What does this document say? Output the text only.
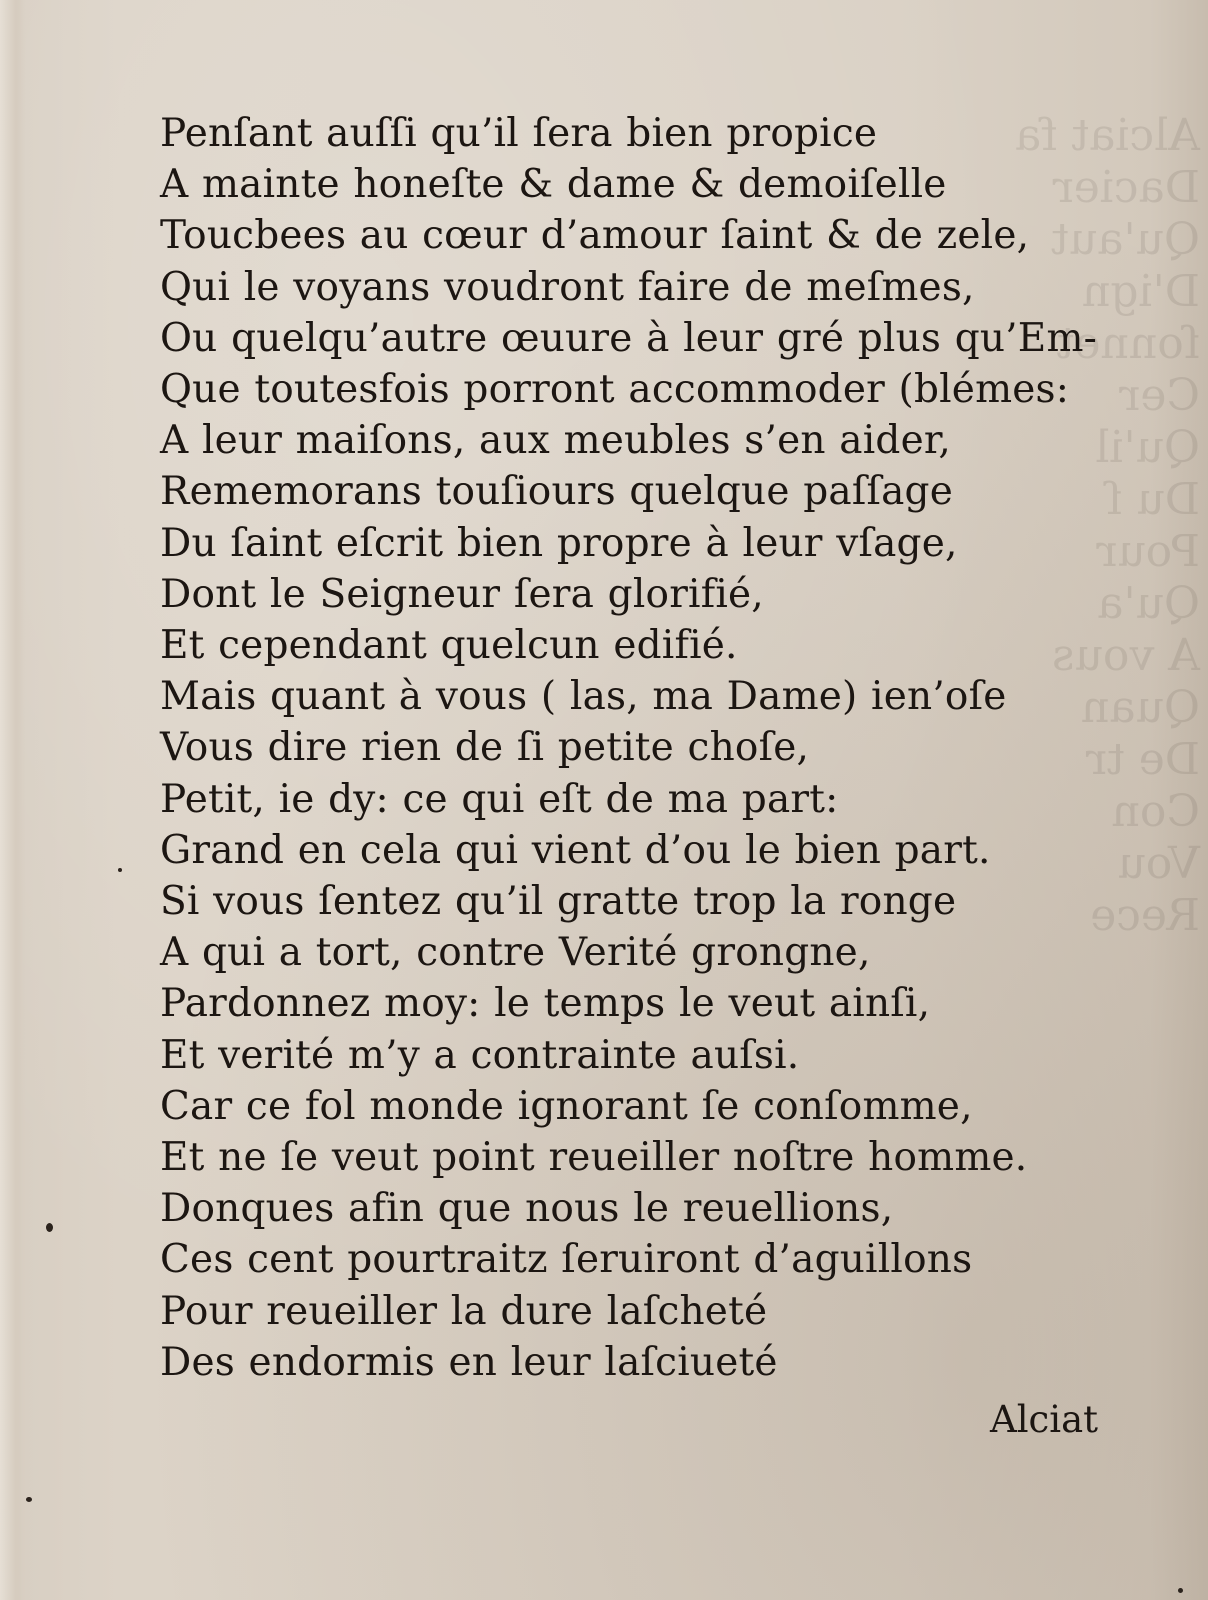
Alciat fa
Dacier
Qu'aut
D'ign
ſonnet
Cer
Qu'il
Du ſ
Pour
Qu'a
A vous
Quan
De tr
Con
Vou
Rece
Penſant auſſi qu’il ſera bien propice
A mainte honeſte & dame & demoiſelle
Toucbees au cœur d’amour ſaint & de zele,
Qui le voyans voudront faire de meſmes,
Ou quelqu’autre œuure à leur gré plus qu’Em-
Que toutesfois porront accommoder (blémes:
A leur maiſons, aux meubles s’en aider,
Rememorans touſiours quelque paſſage
Du ſaint eſcrit bien propre à leur vſage,
Dont le Seigneur ſera glorifié,
Et cependant quelcun edifié.
Mais quant à vous ( las, ma Dame) ien’oſe
Vous dire rien de ſi petite choſe,
Petit, ie dy: ce qui eſt de ma part:
Grand en cela qui vient d’ou le bien part.
Si vous ſentez qu’il gratte trop la ronge
A qui a tort, contre Verité grongne,
Pardonnez moy: le temps le veut ainſi,
Et verité m’y a contrainte auſsi.
Car ce fol monde ignorant ſe conſomme,
Et ne ſe veut point reueiller noſtre homme.
Donques afin que nous le reuellions,
Ces cent pourtraitz ſeruiront d’aguillons
Pour reueiller la dure laſcheté
Des endormis en leur laſciueté
Alciat
